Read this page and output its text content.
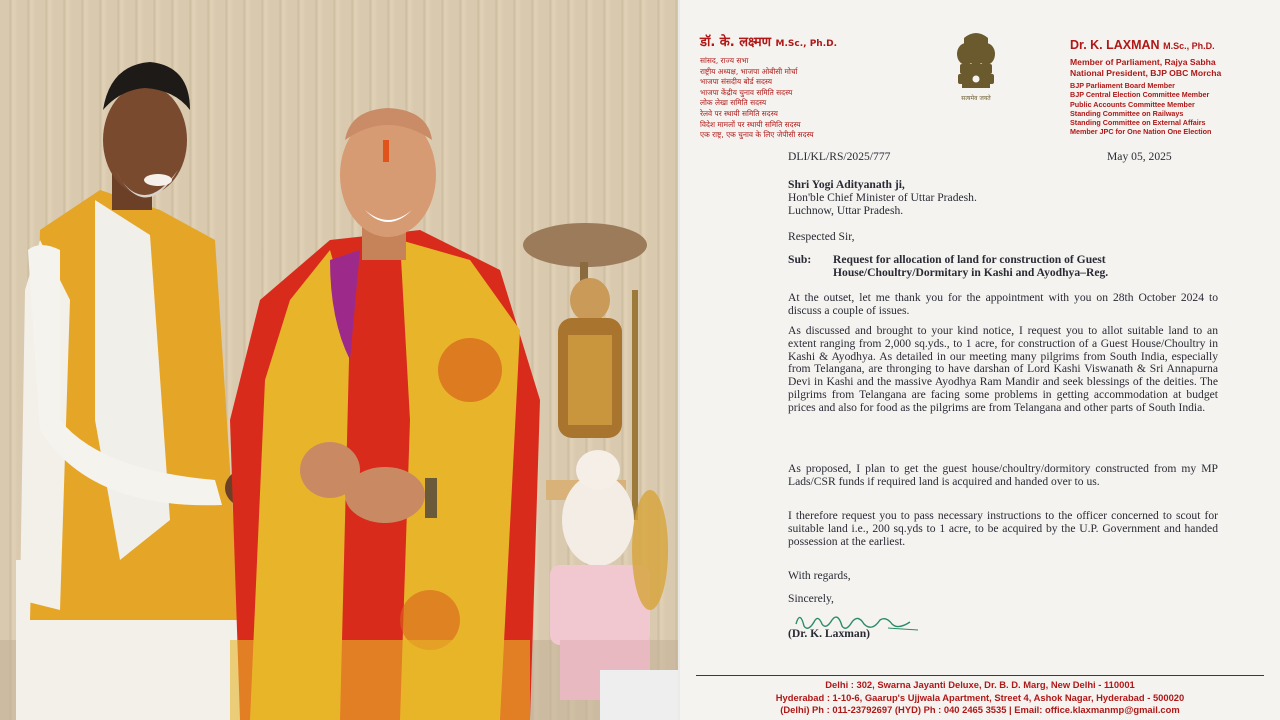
डॉ. के. लक्ष्मण M.Sc., Ph.D.
सांसद, राज्य सभा
राष्ट्रीय अध्यक्ष, भाजपा ओबीसी मोर्चा
भाजपा संसदीय बोर्ड सदस्य
भाजपा केंद्रीय चुनाव समिति सदस्य
लोक लेखा समिति सदस्य
रेलवे पर स्थायी समिति सदस्य
विदेश मामलों पर स्थायी समिति सदस्य
एक राष्ट्र, एक चुनाव के लिए जेपीसी सदस्य
सत्यमेव जयते
Dr. K. LAXMAN M.Sc., Ph.D.
Member of Parliament, Rajya Sabha
National President, BJP OBC Morcha
BJP Parliament Board Member
BJP Central Election Committee Member
Public Accounts Committee Member
Standing Committee on Railways
Standing Committee on External Affairs
Member JPC for One Nation One Election
DLI/KL/RS/2025/777	May 05, 2025
Shri Yogi Adityanath ji,
Hon'ble Chief Minister of Uttar Pradesh.
Luchnow, Uttar Pradesh.
Respected Sir,
Sub: Request for allocation of land for construction of Guest
House/Choultry/Dormitary in Kashi and Ayodhya–Reg.
At the outset, let me thank you for the appointment with you on 28th October 2024 to discuss a couple of issues.
As discussed and brought to your kind notice, I request you to allot suitable land to an extent ranging from 2,000 sq.yds., to 1 acre, for construction of a Guest House/Choultry in Kashi & Ayodhya. As detailed in our meeting many pilgrims from South India, especially from Telangana, are thronging to have darshan of Lord Kashi Viswanath & Sri Annapurna Devi in Kashi and the massive Ayodhya Ram Mandir and seek blessings of the deities. The pilgrims from Telangana are facing some problems in getting accommodation at budget prices and also for food as the pilgrims are from Telangana and other parts of South India.
As proposed, I plan to get the guest house/choultry/dormitory constructed from my MP Lads/CSR funds if required land is acquired and handed over to us.
I therefore request you to pass necessary instructions to the officer concerned to scout for suitable land i.e., 200 sq.yds to 1 acre, to be acquired by the U.P. Government and handed possession at the earliest.
With regards,
Sincerely,
(Dr. K. Laxman)
Delhi : 302, Swarna Jayanti Deluxe, Dr. B. D. Marg, New Delhi - 110001
Hyderabad : 1-10-6, Gaarup's Ujjwala Apartment, Street 4, Ashok Nagar, Hyderabad - 500020
(Delhi) Ph : 011-23792697 (HYD) Ph : 040 2465 3535 | Email: office.klaxmanmp@gmail.com
